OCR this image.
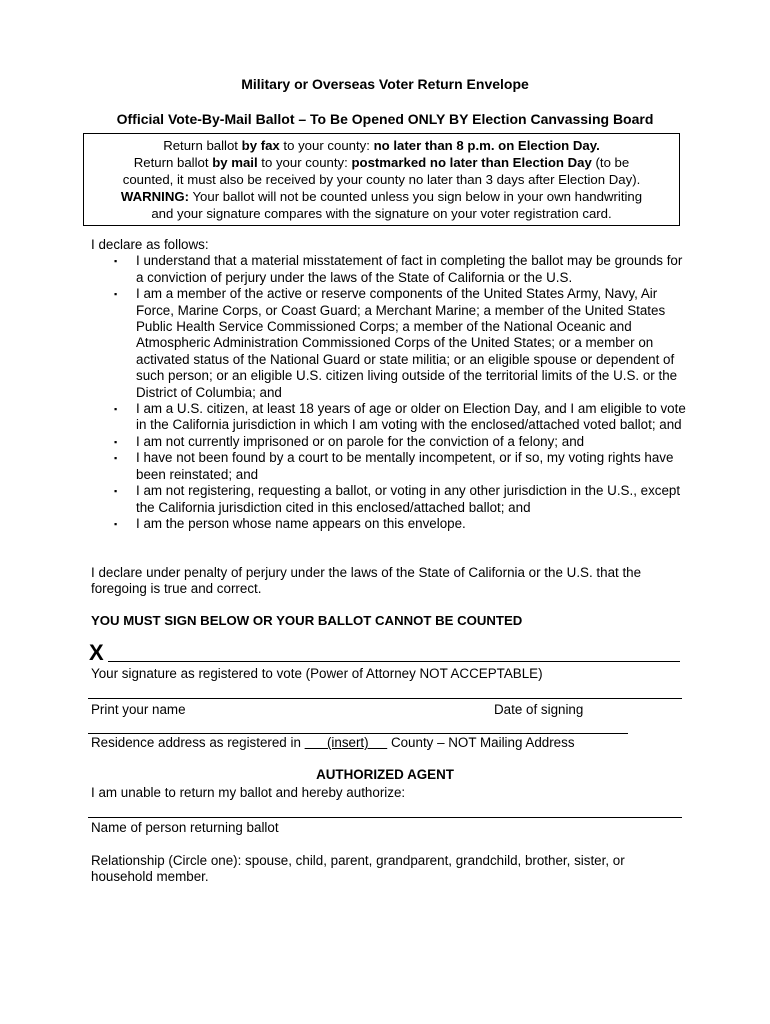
Military or Overseas Voter Return Envelope
Official Vote-By-Mail Ballot – To Be Opened ONLY BY Election Canvassing Board
Return ballot by fax to your county: no later than 8 p.m. on Election Day.
Return ballot by mail to your county: postmarked no later than Election Day (to be
counted, it must also be received by your county no later than 3 days after Election Day).
WARNING: Your ballot will not be counted unless you sign below in your own handwriting
and your signature compares with the signature on your voter registration card.
I declare as follows:
▪ I understand that a material misstatement of fact in completing the ballot may be grounds for a conviction of perjury under the laws of the State of California or the U.S.
▪ I am a member of the active or reserve components of the United States Army, Navy, Air Force, Marine Corps, or Coast Guard; a Merchant Marine; a member of the United States Public Health Service Commissioned Corps; a member of the National Oceanic and Atmospheric Administration Commissioned Corps of the United States; or a member on activated status of the National Guard or state militia; or an eligible spouse or dependent of such person; or an eligible U.S. citizen living outside of the territorial limits of the U.S. or the District of Columbia; and
▪ I am a U.S. citizen, at least 18 years of age or older on Election Day, and I am eligible to vote in the California jurisdiction in which I am voting with the enclosed/attached voted ballot; and
▪ I am not currently imprisoned or on parole for the conviction of a felony; and
▪ I have not been found by a court to be mentally incompetent, or if so, my voting rights have been reinstated; and
▪ I am not registering, requesting a ballot, or voting in any other jurisdiction in the U.S., except the California jurisdiction cited in this enclosed/attached ballot; and
▪ I am the person whose name appears on this envelope.
I declare under penalty of perjury under the laws of the State of California or the U.S. that the foregoing is true and correct.
YOU MUST SIGN BELOW OR YOUR BALLOT CANNOT BE COUNTED
X
Your signature as registered to vote (Power of Attorney NOT ACCEPTABLE)
Print your name	Date of signing
Residence address as registered in       (insert)      County – NOT Mailing Address
AUTHORIZED AGENT
I am unable to return my ballot and hereby authorize:
Name of person returning ballot
Relationship (Circle one): spouse, child, parent, grandparent, grandchild, brother, sister, or household member.
